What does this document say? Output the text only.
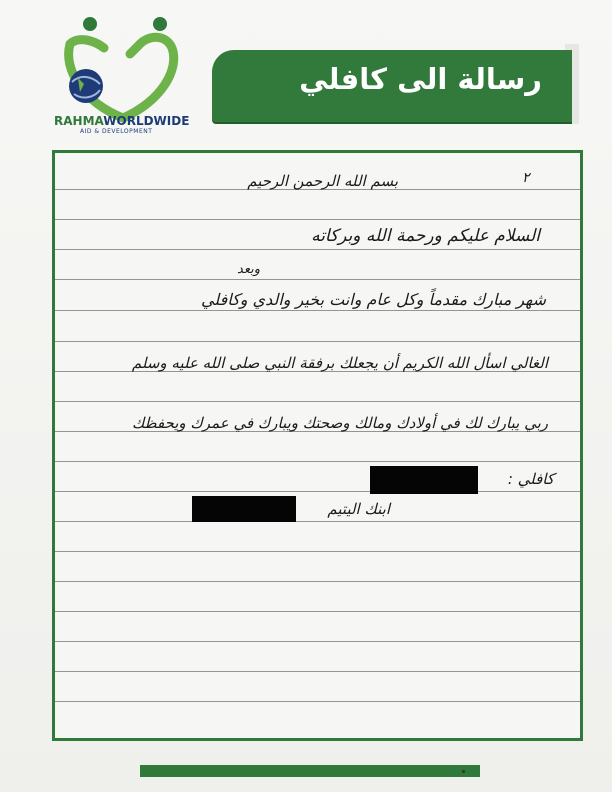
RAHMAWORLDWIDE
AID & DEVELOPMENT
رسالة الى كافلي
٢
بسم الله الرحمن الرحيم
السلام عليكم ورحمة الله وبركاته
وبعد
شهر مبارك مقدماً وكل عام وانت بخير والدي وكافلي
الغالي اسأل الله الكريم أن يجعلك برفقة النبي صلى الله عليه وسلم
ربي يبارك لك في أولادك ومالك وصحتك ويبارك في عمرك ويحفظك
كافلي :
ابنك اليتيم
